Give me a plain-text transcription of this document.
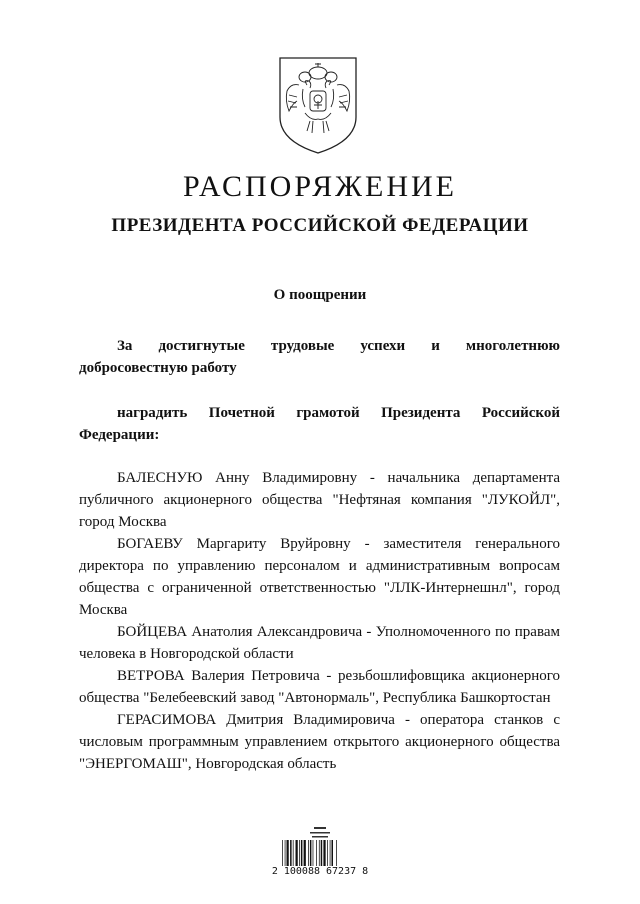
РАСПОРЯЖЕНИЕ
ПРЕЗИДЕНТА РОССИЙСКОЙ ФЕДЕРАЦИИ

О поощрении

За достигнутые трудовые успехи и многолетнюю добросовестную работу

наградить Почетной грамотой Президента Российской Федерации:

БАЛЕСНУЮ Анну Владимировну - начальника департамента публичного акционерного общества "Нефтяная компания "ЛУКОЙЛ", город Москва

БОГАЕВУ Маргариту Вруйровну - заместителя генерального директора по управлению персоналом и административным вопросам общества с ограниченной ответственностью "ЛЛК-Интернешнл", город Москва

БОЙЦЕВА Анатолия Александровича - Уполномоченного по правам человека в Новгородской области

ВЕТРОВА Валерия Петровича - резьбошлифовщика акционерного общества "Белебеевский завод "Автонормаль", Республика Башкортостан

ГЕРАСИМОВА Дмитрия Владимировича - оператора станков с числовым программным управлением открытого акционерного общества "ЭНЕРГОМАШ", Новгородская область

2 100088 67237 8
